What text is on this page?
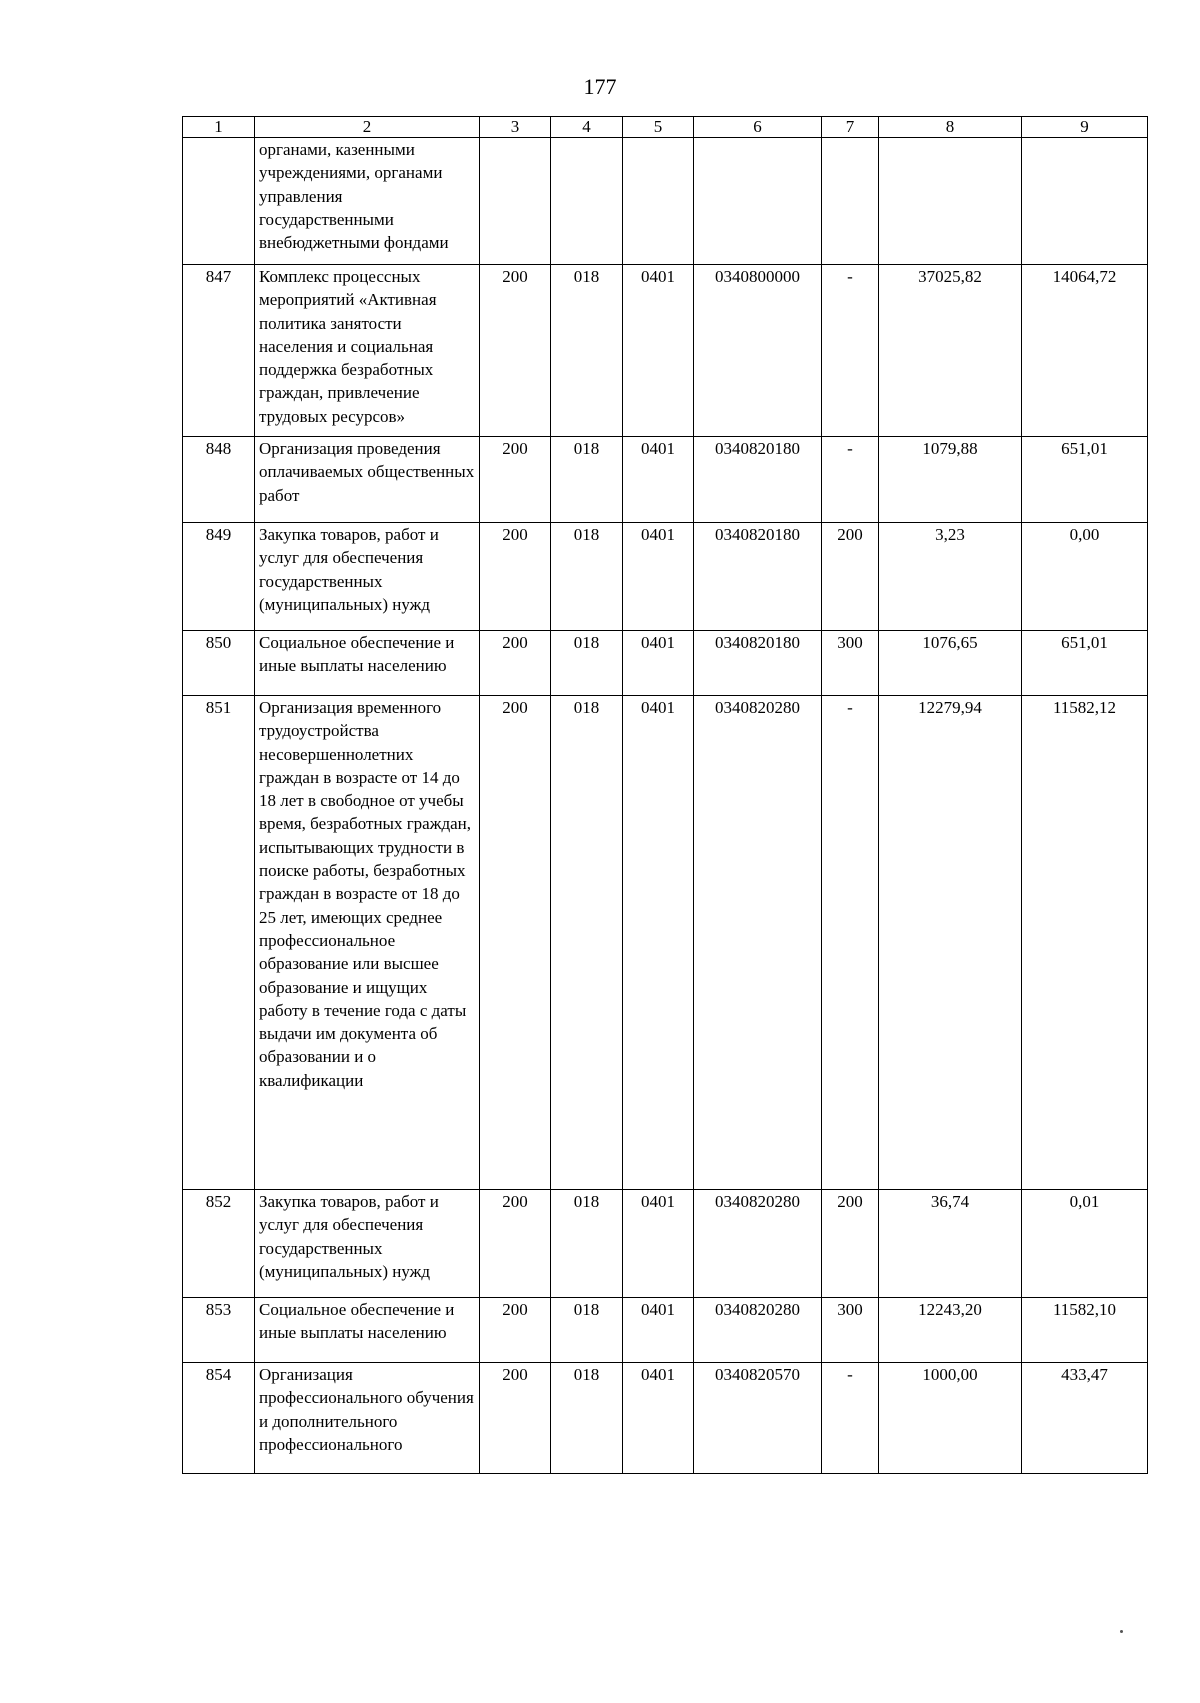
177
1	2	3	4	5	6	7	8	9
	органами, казенными учреждениями, органами управления государственными внебюджетными фондами							
847	Комплекс процессных мероприятий «Активная политика занятости населения и социальная поддержка безработных граждан, привлечение трудовых ресурсов»	200	018	0401	0340800000	-	37025,82	14064,72
848	Организация проведения оплачиваемых общественных работ	200	018	0401	0340820180	-	1079,88	651,01
849	Закупка товаров, работ и услуг для обеспечения государственных (муниципальных) нужд	200	018	0401	0340820180	200	3,23	0,00
850	Социальное обеспечение и иные выплаты населению	200	018	0401	0340820180	300	1076,65	651,01
851	Организация временного трудоустройства несовершеннолетних граждан в возрасте от 14 до 18 лет в свободное от учебы время, безработных граждан, испытывающих трудности в поиске работы, безработных граждан в возрасте от 18 до 25 лет, имеющих среднее профессиональное образование или высшее образование и ищущих работу в течение года с даты выдачи им документа об образовании и о квалификации	200	018	0401	0340820280	-	12279,94	11582,12
852	Закупка товаров, работ и услуг для обеспечения государственных (муниципальных) нужд	200	018	0401	0340820280	200	36,74	0,01
853	Социальное обеспечение и иные выплаты населению	200	018	0401	0340820280	300	12243,20	11582,10
854	Организация профессионального обучения и дополнительного профессионального	200	018	0401	0340820570	-	1000,00	433,47
